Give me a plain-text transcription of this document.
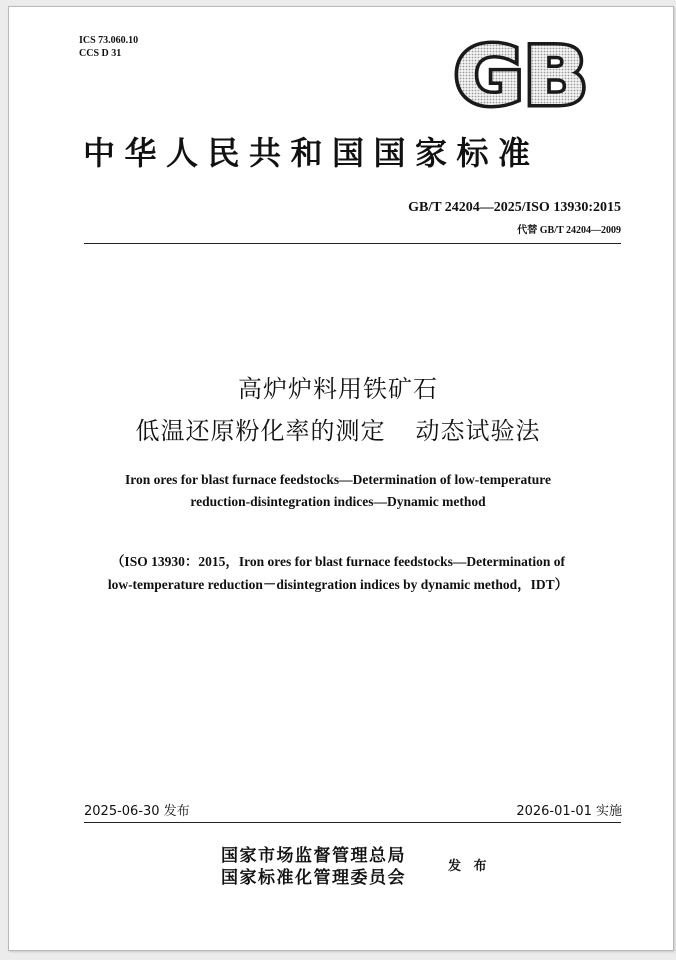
ICS 73.060.10
CCS D 31	GB
中华人民共和国国家标准
GB/T 24204—2025/ISO 13930:2015
代替 GB/T 24204—2009
高炉炉料用铁矿石
低温还原粉化率的测定 动态试验法
Iron ores for blast furnace feedstocks—Determination of low-temperature
reduction-disintegration indices—Dynamic method
（ISO 13930：2015，Iron ores for blast furnace feedstocks—Determination of
low-temperature reduction－disintegration indices by dynamic method，IDT）
2025-06-30 发布	2026-01-01 实施
国家市场监督管理总局
国家标准化管理委员会
发 布
